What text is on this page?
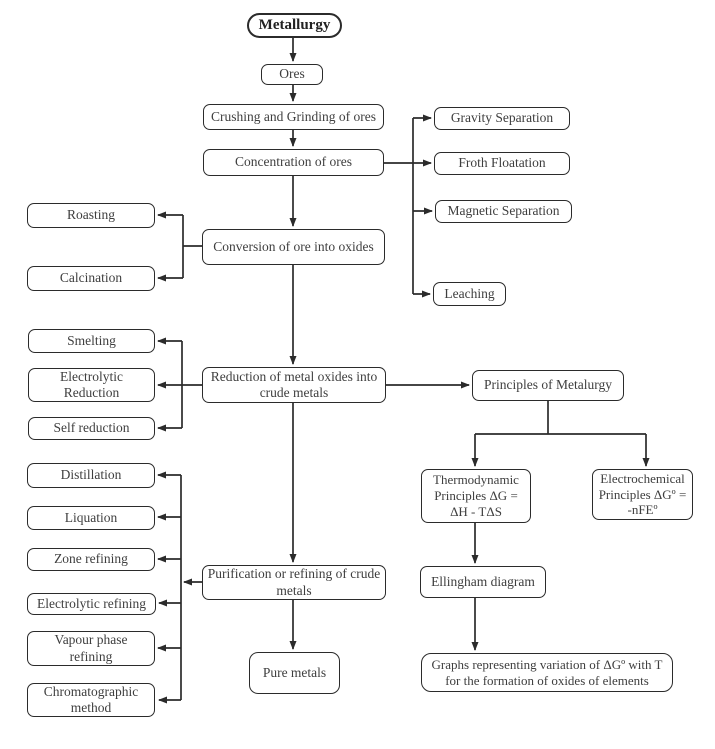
Metallurgy
Ores
Crushing and Grinding of ores
Concentration of ores
Conversion of ore into oxides
Reduction of metal oxides into crude metals
Purification or refining of crude metals
Pure metals
Gravity Separation
Froth Floatation
Magnetic Separation
Leaching
Roasting
Calcination
Smelting
Electrolytic Reduction
Self reduction
Principles of Metalurgy
Thermodynamic Principles ΔG = ΔH - TΔS
Electrochemical Principles ΔGº = -nFEº
Ellingham diagram
Graphs representing variation of ΔGº with T for the formation of oxides of elements
Distillation
Liquation
Zone refining
Electrolytic refining
Vapour phase refining
Chromatographic method
